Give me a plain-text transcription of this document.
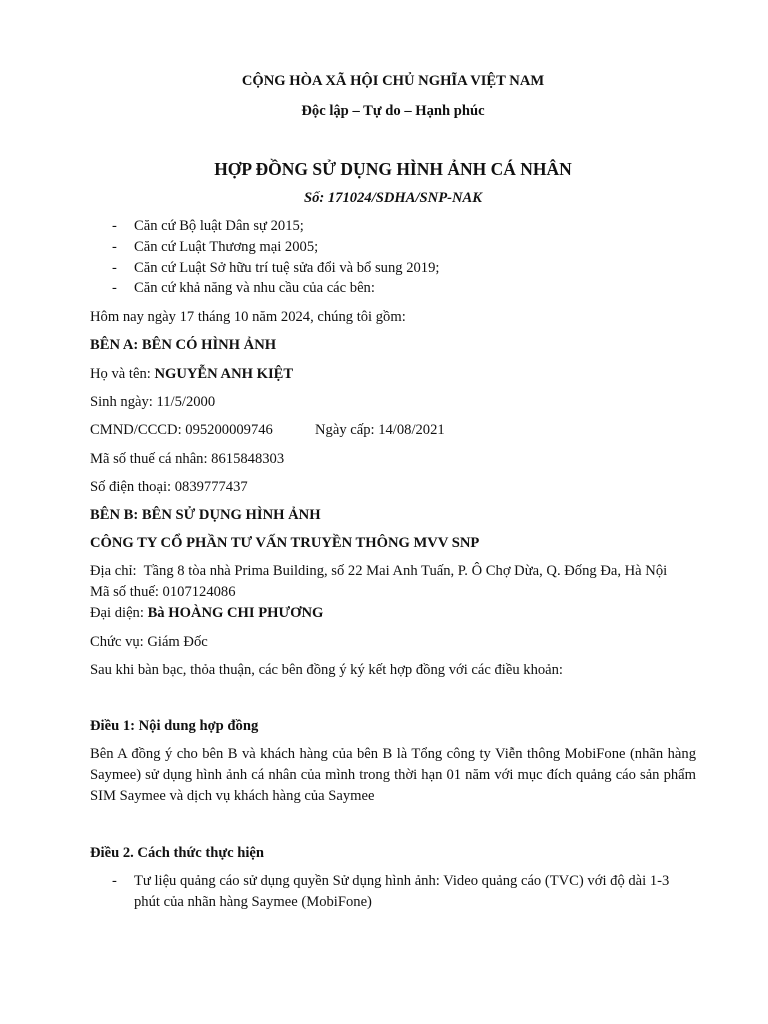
CỘNG HÒA XÃ HỘI CHỦ NGHĨA VIỆT NAM
Độc lập – Tự do – Hạnh phúc
HỢP ĐỒNG SỬ DỤNG HÌNH ẢNH CÁ NHÂN
Số: 171024/SDHA/SNP-NAK
- Căn cứ Bộ luật Dân sự 2015;
- Căn cứ Luật Thương mại 2005;
- Căn cứ Luật Sở hữu trí tuệ sửa đổi và bổ sung 2019;
- Căn cứ khả năng và nhu cầu của các bên:
Hôm nay ngày 17 tháng 10 năm 2024, chúng tôi gồm:
BÊN A: BÊN CÓ HÌNH ẢNH
Họ và tên: NGUYỄN ANH KIỆT
Sinh ngày: 11/5/2000
CMND/CCCD: 095200009746	Ngày cấp: 14/08/2021
Mã số thuế cá nhân: 8615848303
Số điện thoại: 0839777437
BÊN B: BÊN SỬ DỤNG HÌNH ẢNH
CÔNG TY CỔ PHẦN TƯ VẤN TRUYỀN THÔNG MVV SNP
Địa chỉ:  Tầng 8 tòa nhà Prima Building, số 22 Mai Anh Tuấn, P. Ô Chợ Dừa, Q. Đống Đa, Hà Nội
Mã số thuế: 0107124086
Đại diện: Bà HOÀNG CHI PHƯƠNG
Chức vụ: Giám Đốc
Sau khi bàn bạc, thỏa thuận, các bên đồng ý ký kết hợp đồng với các điều khoản:
Điều 1: Nội dung hợp đồng
Bên A đồng ý cho bên B và khách hàng của bên B là Tổng công ty Viễn thông MobiFone (nhãn hàng Saymee) sử dụng hình ảnh cá nhân của mình trong thời hạn 01 năm với mục đích quảng cáo sản phẩm SIM Saymee và dịch vụ khách hàng của Saymee
Điều 2. Cách thức thực hiện
- Tư liệu quảng cáo sử dụng quyền Sử dụng hình ảnh: Video quảng cáo (TVC) với độ dài 1-3 phút của nhãn hàng Saymee (MobiFone)
